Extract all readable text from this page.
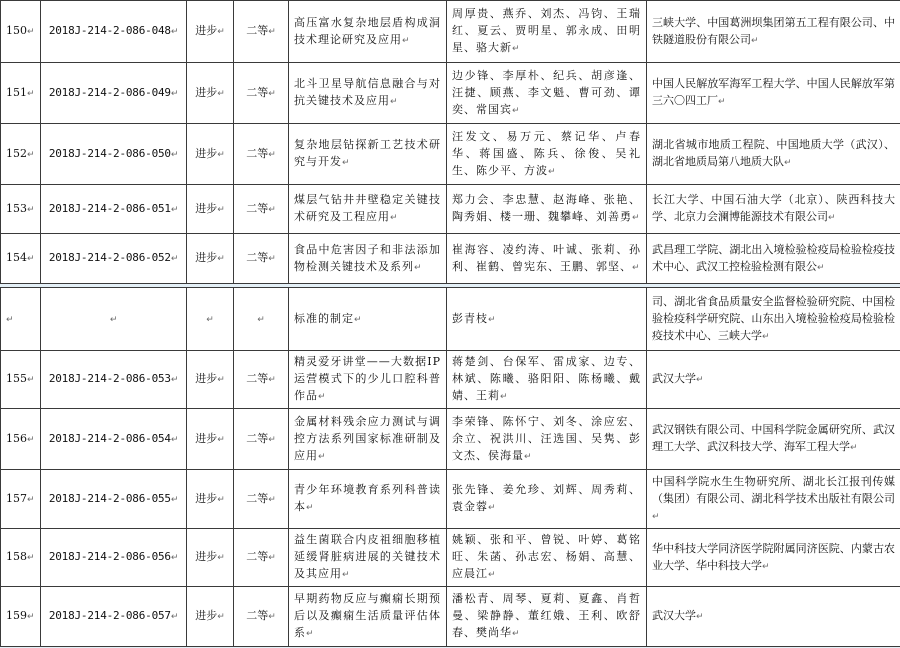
150↵	2018J-214-2-086-048↵	进步↵	二等↵	高压富水复杂地层盾构成洞技术理论研究及应用↵	周厚贵、燕乔、刘杰、冯钧、王瑞红、夏云、贾明星、郭永成、田明星、骆大新↵	三峡大学、中国葛洲坝集团第五工程有限公司、中铁隧道股份有限公司↵
151↵	2018J-214-2-086-049↵	进步↵	二等↵	北斗卫星导航信息融合与对抗关键技术及应用↵	边少锋、李厚朴、纪兵、胡彦逢、汪捷、顾燕、李文魁、曹可劲、谭奕、常国宾↵	中国人民解放军海军工程大学、中国人民解放军第三六〇四工厂↵
152↵	2018J-214-2-086-050↵	进步↵	二等↵	复杂地层钻探新工艺技术研究与开发↵	汪发文、易万元、蔡记华、卢春华、蒋国盛、陈兵、徐俊、吴礼生、陈少平、方波↵	湖北省城市地质工程院、中国地质大学（武汉）、湖北省地质局第八地质大队↵
153↵	2018J-214-2-086-051↵	进步↵	二等↵	煤层气钻井井壁稳定关键技术研究及工程应用↵	郑力会、李忠慧、赵海峰、张艳、陶秀娟、楼一珊、魏攀峰、刘善勇↵	长江大学、中国石油大学（北京）、陕西科技大学、北京力会澜博能源技术有限公司↵
154↵	2018J-214-2-086-052↵	进步↵	二等↵	食品中危害因子和非法添加物检测关键技术及系列↵	崔海容、凌约涛、叶诚、张莉、孙利、崔鹤、曾宪东、王鹏、郭坚、↵	武昌理工学院、湖北出入境检验检疫局检验检疫技术中心、武汉工控检验检测有限公↵
↵	↵	↵	↵	标准的制定↵	彭青枝↵	司、湖北省食品质量安全监督检验研究院、中国检验检疫科学研究院、山东出入境检验检疫局检验检疫技术中心、三峡大学↵
155↵	2018J-214-2-086-053↵	进步↵	二等↵	精灵爱牙讲堂——大数据IP运营模式下的少儿口腔科普作品↵	蒋楚剑、台保军、雷成家、边专、林斌、陈曦、骆阳阳、陈杨曦、戴婧、王莉↵	武汉大学↵
156↵	2018J-214-2-086-054↵	进步↵	二等↵	金属材料残余应力测试与调控方法系列国家标准研制及应用↵	李荣锋、陈怀宁、刘冬、涂应宏、余立、祝洪川、汪选国、吴隽、彭文杰、侯海量↵	武汉钢铁有限公司、中国科学院金属研究所、武汉理工大学、武汉科技大学、海军工程大学↵
157↵	2018J-214-2-086-055↵	进步↵	二等↵	青少年环境教育系列科普读本↵	张先锋、姜允珍、刘辉、周秀莉、袁金蓉↵	中国科学院水生生物研究所、湖北长江报刊传媒（集团）有限公司、湖北科学技术出版社有限公司↵
158↵	2018J-214-2-086-056↵	进步↵	二等↵	益生菌联合内皮祖细胞移植延缓肾脏病进展的关键技术及其应用↵	姚颖、张和平、曾锐、叶婷、葛铭旺、朱菡、孙志宏、杨娟、高慧、应晨江↵	华中科技大学同济医学院附属同济医院、内蒙古农业大学、华中科技大学↵
159↵	2018J-214-2-086-057↵	进步↵	二等↵	早期药物反应与癫痫长期预后以及癫痫生活质量评估体系↵	潘松青、周琴、夏莉、夏鑫、肖哲曼、梁静静、董红娥、王利、欧舒春、樊尚华↵	武汉大学↵
